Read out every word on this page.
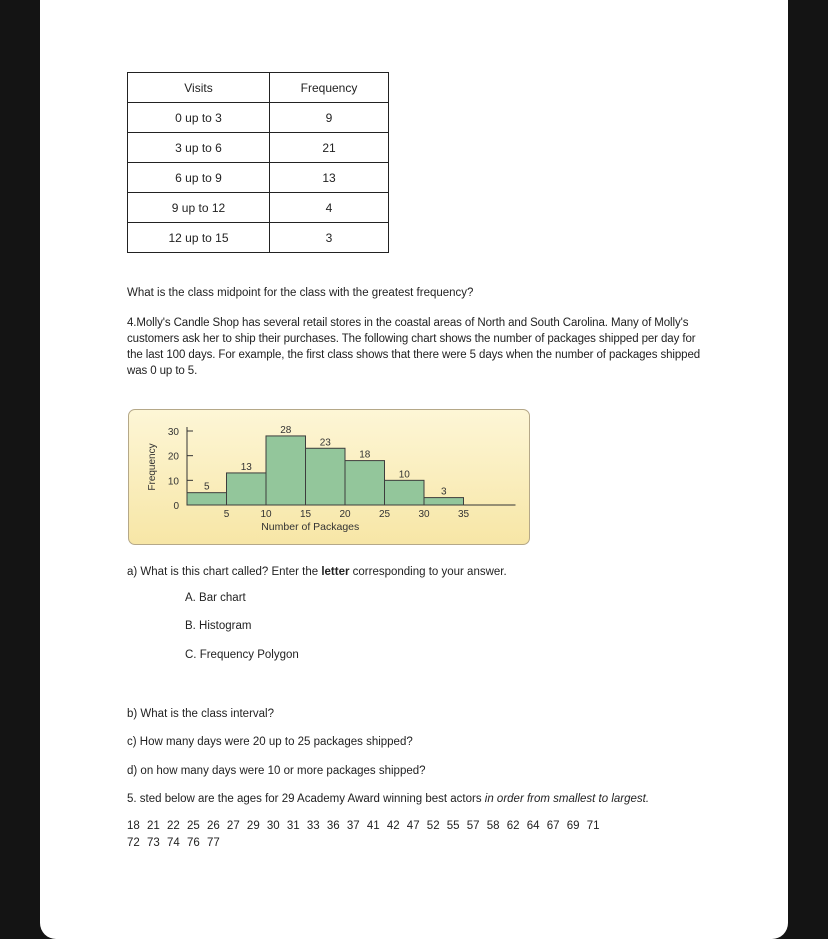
Visits	Frequency
0 up to 3	9
3 up to 6	21
6 up to 9	13
9 up to 12	4
12 up to 15	3
What is the class midpoint for the class with the greatest frequency?
4.Molly's Candle Shop has several retail stores in the coastal areas of North and South Carolina. Many of Molly's customers ask her to ship their purchases. The following chart shows the number of packages shipped per day for the last 100 days. For example, the first class shows that there were 5 days when the number of packages shipped was 0 up to 5.
0
10
20
30
5
13
28
23
18
10
3
5	10	15	20	25	30	35
Number of Packages
Frequency
a) What is this chart called? Enter the letter corresponding to your answer.
A. Bar chart
B. Histogram
C. Frequency Polygon
b) What is the class interval?
c) How many days were 20 up to 25 packages shipped?
d) on how many days were 10 or more packages shipped?
5. sted below are the ages for 29 Academy Award winning best actors in order from smallest to largest.
18 21 22 25 26 27 29 30 31 33 36 37 41 42 47 52 55 57 58 62 64 67 69 71
72 73 74 76 77
